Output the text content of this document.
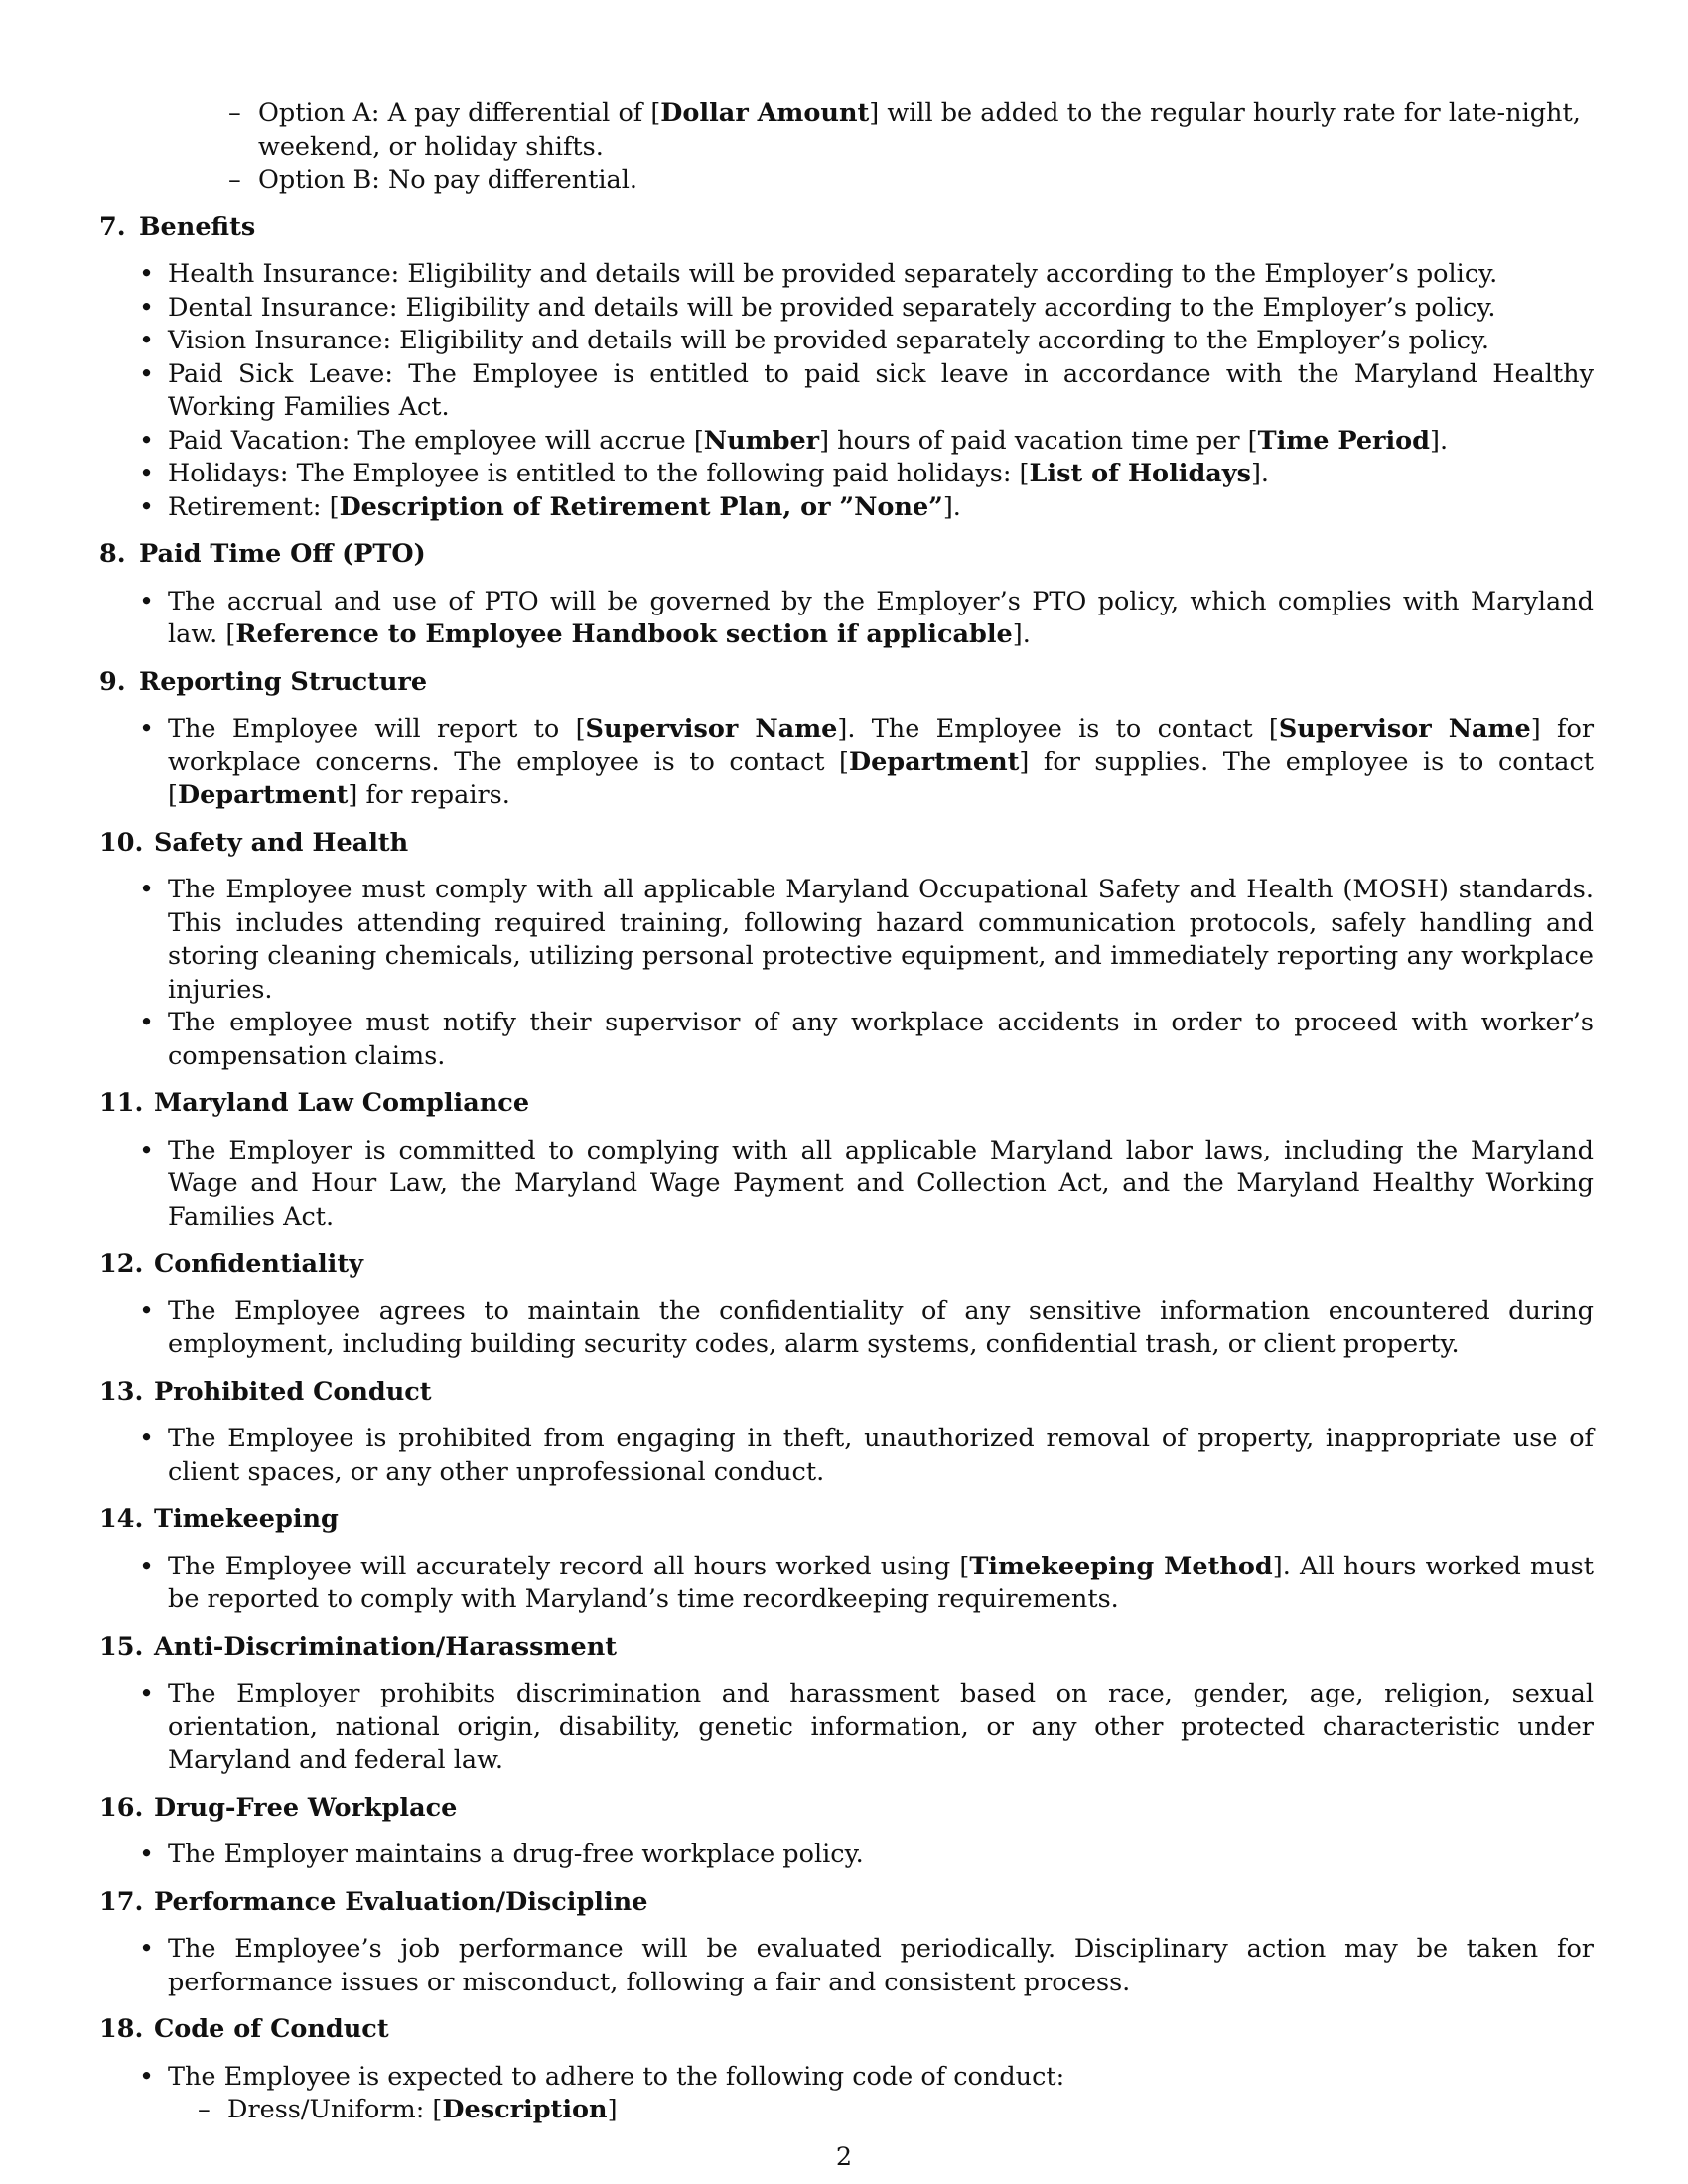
– Option A: A pay differential of [Dollar Amount] will be added to the regular hourly rate for late-night, weekend, or holiday shifts.
– Option B: No pay differential.
7. Benefits
• Health Insurance: Eligibility and details will be provided separately according to the Employer’s policy.
• Dental Insurance: Eligibility and details will be provided separately according to the Employer’s policy.
• Vision Insurance: Eligibility and details will be provided separately according to the Employer’s policy.
• Paid Sick Leave: The Employee is entitled to paid sick leave in accordance with the Maryland Healthy Working Families Act.
• Paid Vacation: The employee will accrue [Number] hours of paid vacation time per [Time Period].
• Holidays: The Employee is entitled to the following paid holidays: [List of Holidays].
• Retirement: [Description of Retirement Plan, or ”None”].
8. Paid Time Off (PTO)
• The accrual and use of PTO will be governed by the Employer’s PTO policy, which complies with Maryland law. [Reference to Employee Handbook section if applicable].
9. Reporting Structure
• The Employee will report to [Supervisor Name]. The Employee is to contact [Supervisor Name] for workplace concerns. The employee is to contact [Department] for supplies. The employee is to contact [Department] for repairs.
10. Safety and Health
• The Employee must comply with all applicable Maryland Occupational Safety and Health (MOSH) standards. This includes attending required training, following hazard communication protocols, safely handling and storing cleaning chemicals, utilizing personal protective equipment, and immediately reporting any workplace injuries.
• The employee must notify their supervisor of any workplace accidents in order to proceed with worker’s compensation claims.
11. Maryland Law Compliance
• The Employer is committed to complying with all applicable Maryland labor laws, including the Maryland Wage and Hour Law, the Maryland Wage Payment and Collection Act, and the Maryland Healthy Working Families Act.
12. Confidentiality
• The Employee agrees to maintain the confidentiality of any sensitive information encountered during employment, including building security codes, alarm systems, confidential trash, or client property.
13. Prohibited Conduct
• The Employee is prohibited from engaging in theft, unauthorized removal of property, inappropriate use of client spaces, or any other unprofessional conduct.
14. Timekeeping
• The Employee will accurately record all hours worked using [Timekeeping Method]. All hours worked must be reported to comply with Maryland’s time recordkeeping requirements.
15. Anti-Discrimination/Harassment
• The Employer prohibits discrimination and harassment based on race, gender, age, religion, sexual orientation, national origin, disability, genetic information, or any other protected characteristic under Maryland and federal law.
16. Drug-Free Workplace
• The Employer maintains a drug-free workplace policy.
17. Performance Evaluation/Discipline
• The Employee’s job performance will be evaluated periodically. Disciplinary action may be taken for performance issues or misconduct, following a fair and consistent process.
18. Code of Conduct
• The Employee is expected to adhere to the following code of conduct:
– Dress/Uniform: [Description]
2
